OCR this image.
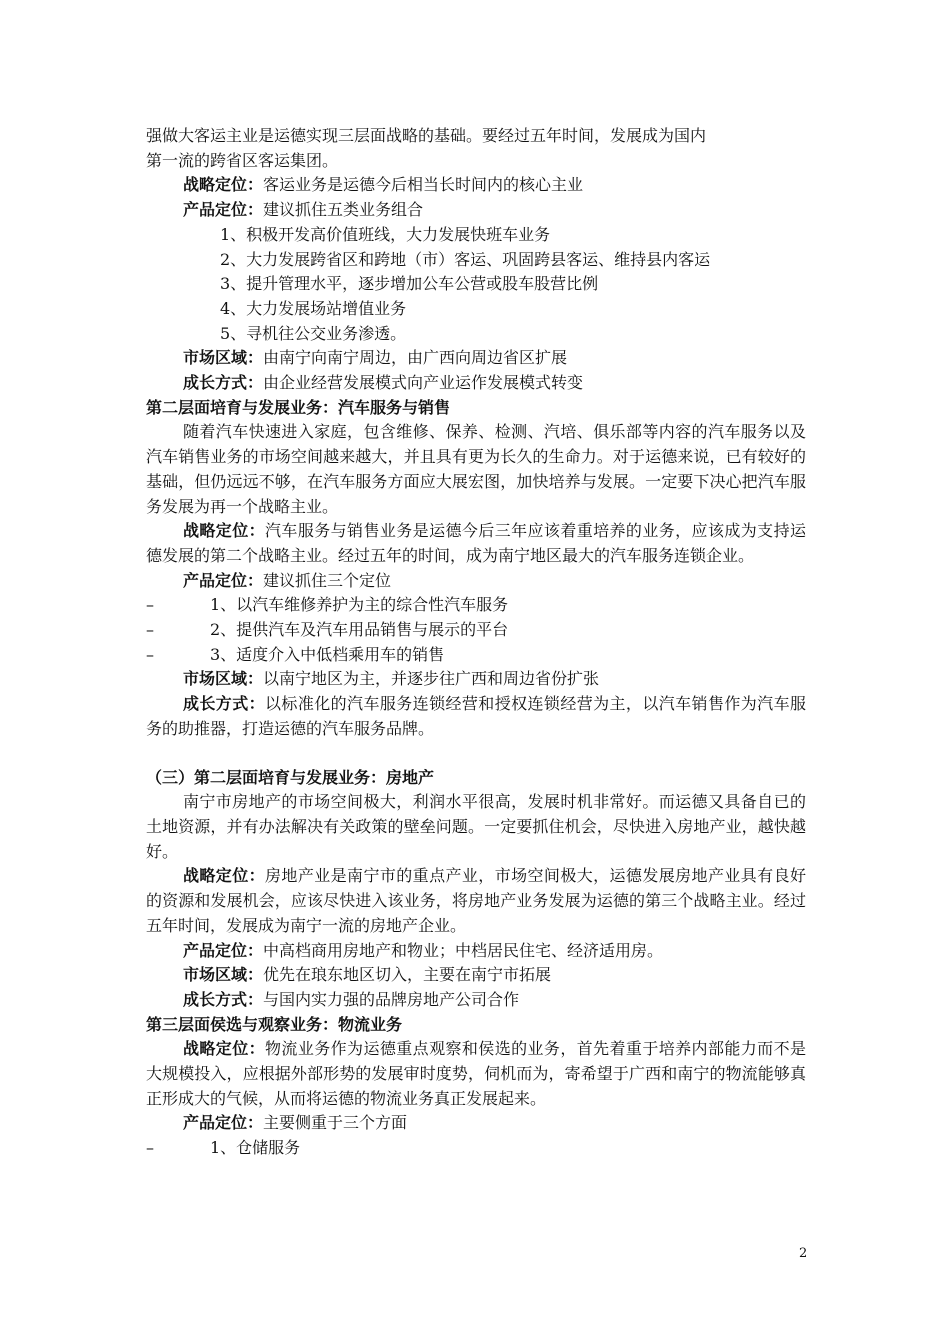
强做大客运主业是运德实现三层面战略的基础。要经过五年时间，发展成为国内

第一流的跨省区客运集团。

战略定位：客运业务是运德今后相当长时间内的核心主业

产品定位：建议抓住五类业务组合

1、积极开发高价值班线，大力发展快班车业务

2、大力发展跨省区和跨地（市）客运、巩固跨县客运、维持县内客运

3、提升管理水平，逐步增加公车公营或股车股营比例

4、大力发展场站增值业务

5、寻机往公交业务渗透。

市场区域：由南宁向南宁周边，由广西向周边省区扩展

成长方式：由企业经营发展模式向产业运作发展模式转变

第二层面培育与发展业务：汽车服务与销售

随着汽车快速进入家庭，包含维修、保养、检测、汽培、俱乐部等内容的汽车服务以及汽车销售业务的市场空间越来越大，并且具有更为长久的生命力。对于运德来说，已有较好的基础，但仍远远不够，在汽车服务方面应大展宏图，加快培养与发展。一定要下决心把汽车服务发展为再一个战略主业。

战略定位：汽车服务与销售业务是运德今后三年应该着重培养的业务，应该成为支持运德发展的第二个战略主业。经过五年的时间，成为南宁地区最大的汽车服务连锁企业。

产品定位：建议抓住三个定位

–	1、以汽车维修养护为主的综合性汽车服务

–	2、提供汽车及汽车用品销售与展示的平台

–	3、适度介入中低档乘用车的销售

市场区域：以南宁地区为主，并逐步往广西和周边省份扩张

成长方式：以标准化的汽车服务连锁经营和授权连锁经营为主，以汽车销售作为汽车服务的助推器，打造运德的汽车服务品牌。

（三）第二层面培育与发展业务：房地产

南宁市房地产的市场空间极大，利润水平很高，发展时机非常好。而运德又具备自已的土地资源，并有办法解决有关政策的壁垒问题。一定要抓住机会，尽快进入房地产业，越快越好。

战略定位：房地产业是南宁市的重点产业，市场空间极大，运德发展房地产业具有良好的资源和发展机会，应该尽快进入该业务，将房地产业务发展为运德的第三个战略主业。经过五年时间，发展成为南宁一流的房地产企业。

产品定位：中高档商用房地产和物业；中档居民住宅、经济适用房。

市场区域：优先在琅东地区切入，主要在南宁市拓展

成长方式：与国内实力强的品牌房地产公司合作

第三层面侯选与观察业务：物流业务

战略定位：物流业务作为运德重点观察和侯选的业务，首先着重于培养内部能力而不是大规模投入，应根据外部形势的发展审时度势，伺机而为，寄希望于广西和南宁的物流能够真正形成大的气候，从而将运德的物流业务真正发展起来。

产品定位：主要侧重于三个方面

–	1、仓储服务

2
